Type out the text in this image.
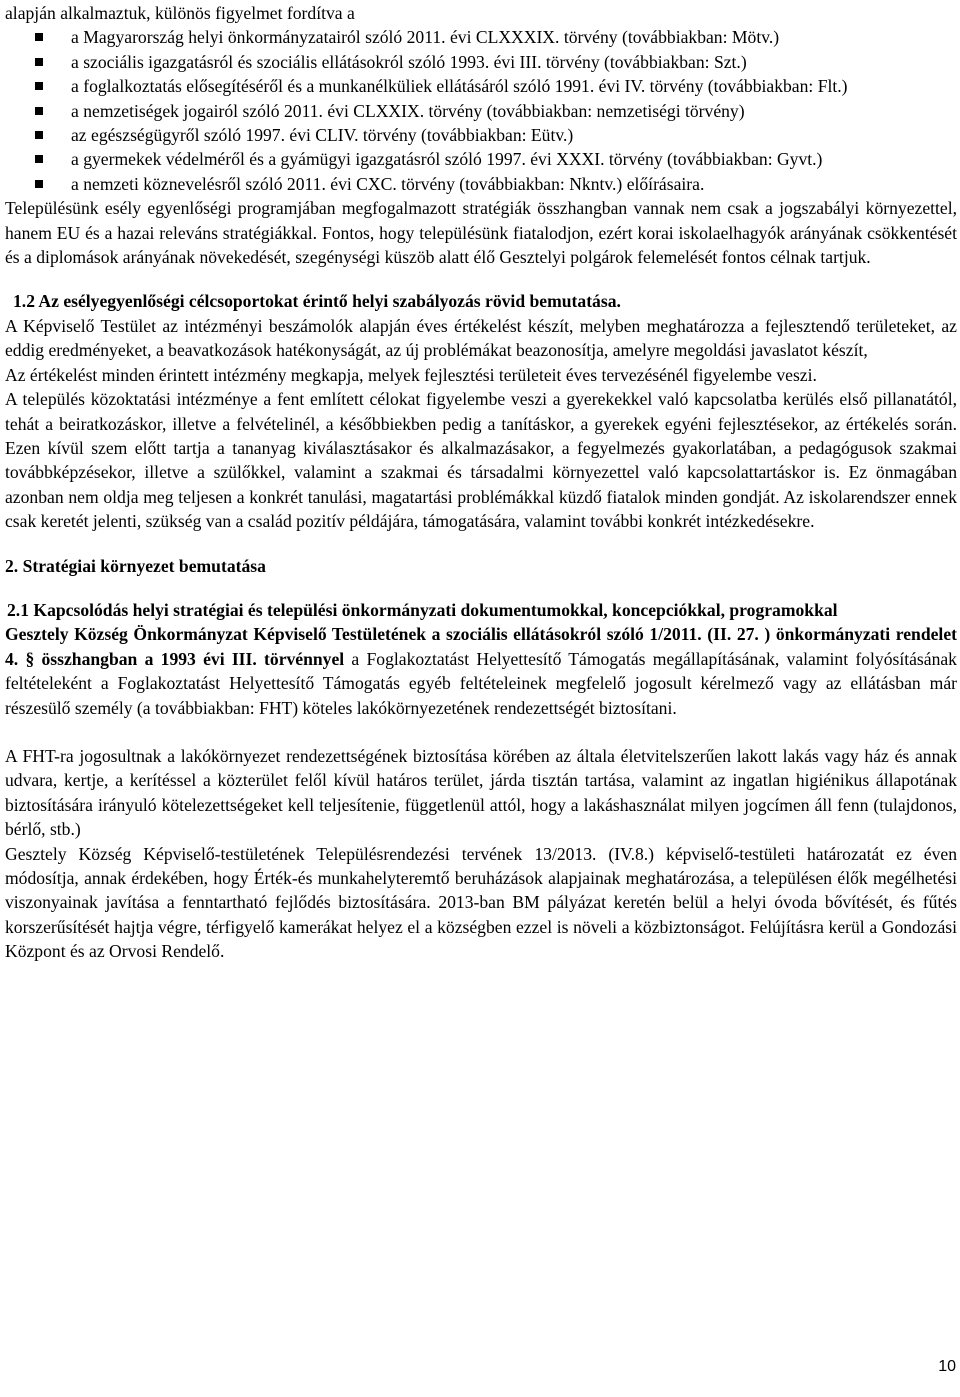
alapján alkalmaztuk, különös figyelmet fordítva a

a Magyarország helyi önkormányzatairól szóló 2011. évi CLXXXIX. törvény (továbbiakban: Mötv.)
a szociális igazgatásról és szociális ellátásokról szóló 1993. évi III. törvény (továbbiakban: Szt.)
a foglalkoztatás elősegítéséről és a munkanélküliek ellátásáról szóló 1991. évi IV. törvény (továbbiakban: Flt.)
a nemzetiségek jogairól szóló 2011. évi CLXXIX. törvény (továbbiakban: nemzetiségi törvény)
az egészségügyről szóló 1997. évi CLIV. törvény (továbbiakban: Eütv.)
a gyermekek védelméről és a gyámügyi igazgatásról szóló 1997. évi XXXI. törvény (továbbiakban: Gyvt.)
a nemzeti köznevelésről szóló 2011. évi CXC. törvény (továbbiakban: Nkntv.) előírásaira.

Településünk esély egyenlőségi programjában megfogalmazott stratégiák összhangban vannak nem csak a jogszabályi környezettel, hanem EU és a hazai releváns stratégiákkal. Fontos, hogy településünk fiatalodjon, ezért korai iskolaelhagyók arányának csökkentését és a diplomások arányának növekedését, szegénységi küszöb alatt élő Gesztelyi polgárok felemelését fontos célnak tartjuk.

1.2 Az esélyegyenlőségi célcsoportokat érintő helyi szabályozás rövid bemutatása.

A Képviselő Testület az intézményi beszámolók alapján éves értékelést készít, melyben meghatározza a fejlesztendő területeket, az eddig eredményeket, a beavatkozások hatékonyságát, az új problémákat beazonosítja, amelyre megoldási javaslatot készít,

Az értékelést minden érintett intézmény megkapja, melyek fejlesztési területeit éves tervezésénél figyelembe veszi.

A település közoktatási intézménye a fent említett célokat figyelembe veszi a gyerekekkel való kapcsolatba kerülés első pillanatától, tehát a beiratkozáskor, illetve a felvételinél, a későbbiekben pedig a tanításkor, a gyerekek egyéni fejlesztésekor, az értékelés során. Ezen kívül szem előtt tartja a tananyag kiválasztásakor és alkalmazásakor, a fegyelmezés gyakorlatában, a pedagógusok szakmai továbbképzésekor, illetve a szülőkkel, valamint a szakmai és társadalmi környezettel való kapcsolattartáskor is. Ez önmagában azonban nem oldja meg teljesen a konkrét tanulási, magatartási problémákkal küzdő fiatalok minden gondját. Az iskolarendszer ennek csak keretét jelenti, szükség van a család pozitív példájára, támogatására, valamint további konkrét intézkedésekre.

2. Stratégiai környezet bemutatása

2.1 Kapcsolódás helyi stratégiai és települési önkormányzati dokumentumokkal, koncepciókkal, programokkal

Gesztely Község Önkormányzat Képviselő Testületének a szociális ellátásokról szóló 1/2011. (II. 27. ) önkormányzati rendelet 4. § összhangban a 1993 évi III. törvénnyel a Foglakoztatást Helyettesítő Támogatás megállapításának, valamint folyósításának feltételeként a Foglakoztatást Helyettesítő Támogatás egyéb feltételeinek megfelelő jogosult kérelmező vagy az ellátásban már részesülő személy (a továbbiakban: FHT) köteles lakókörnyezetének rendezettségét biztosítani.

A FHT-ra jogosultnak a lakókörnyezet rendezettségének biztosítása körében az általa életvitelszerűen lakott lakás vagy ház és annak udvara, kertje, a kerítéssel a közterület felől kívül határos terület, járda tisztán tartása, valamint az ingatlan higiénikus állapotának biztosítására irányuló kötelezettségeket kell teljesítenie, függetlenül attól, hogy a lakáshasználat milyen jogcímen áll fenn (tulajdonos, bérlő, stb.)

Gesztely Község Képviselő-testületének Településrendezési tervének 13/2013. (IV.8.) képviselő-testületi határozatát ez éven módosítja, annak érdekében, hogy Érték-és munkahelyteremtő beruházások alapjainak meghatározása, a településen élők megélhetési viszonyainak javítása a fenntartható fejlődés biztosítására. 2013-ban BM pályázat keretén belül a helyi óvoda bővítését, és fűtés korszerűsítését hajtja végre, térfigyelő kamerákat helyez el a községben ezzel is növeli a közbiztonságot. Felújításra kerül a Gondozási Központ és az Orvosi Rendelő.

10
